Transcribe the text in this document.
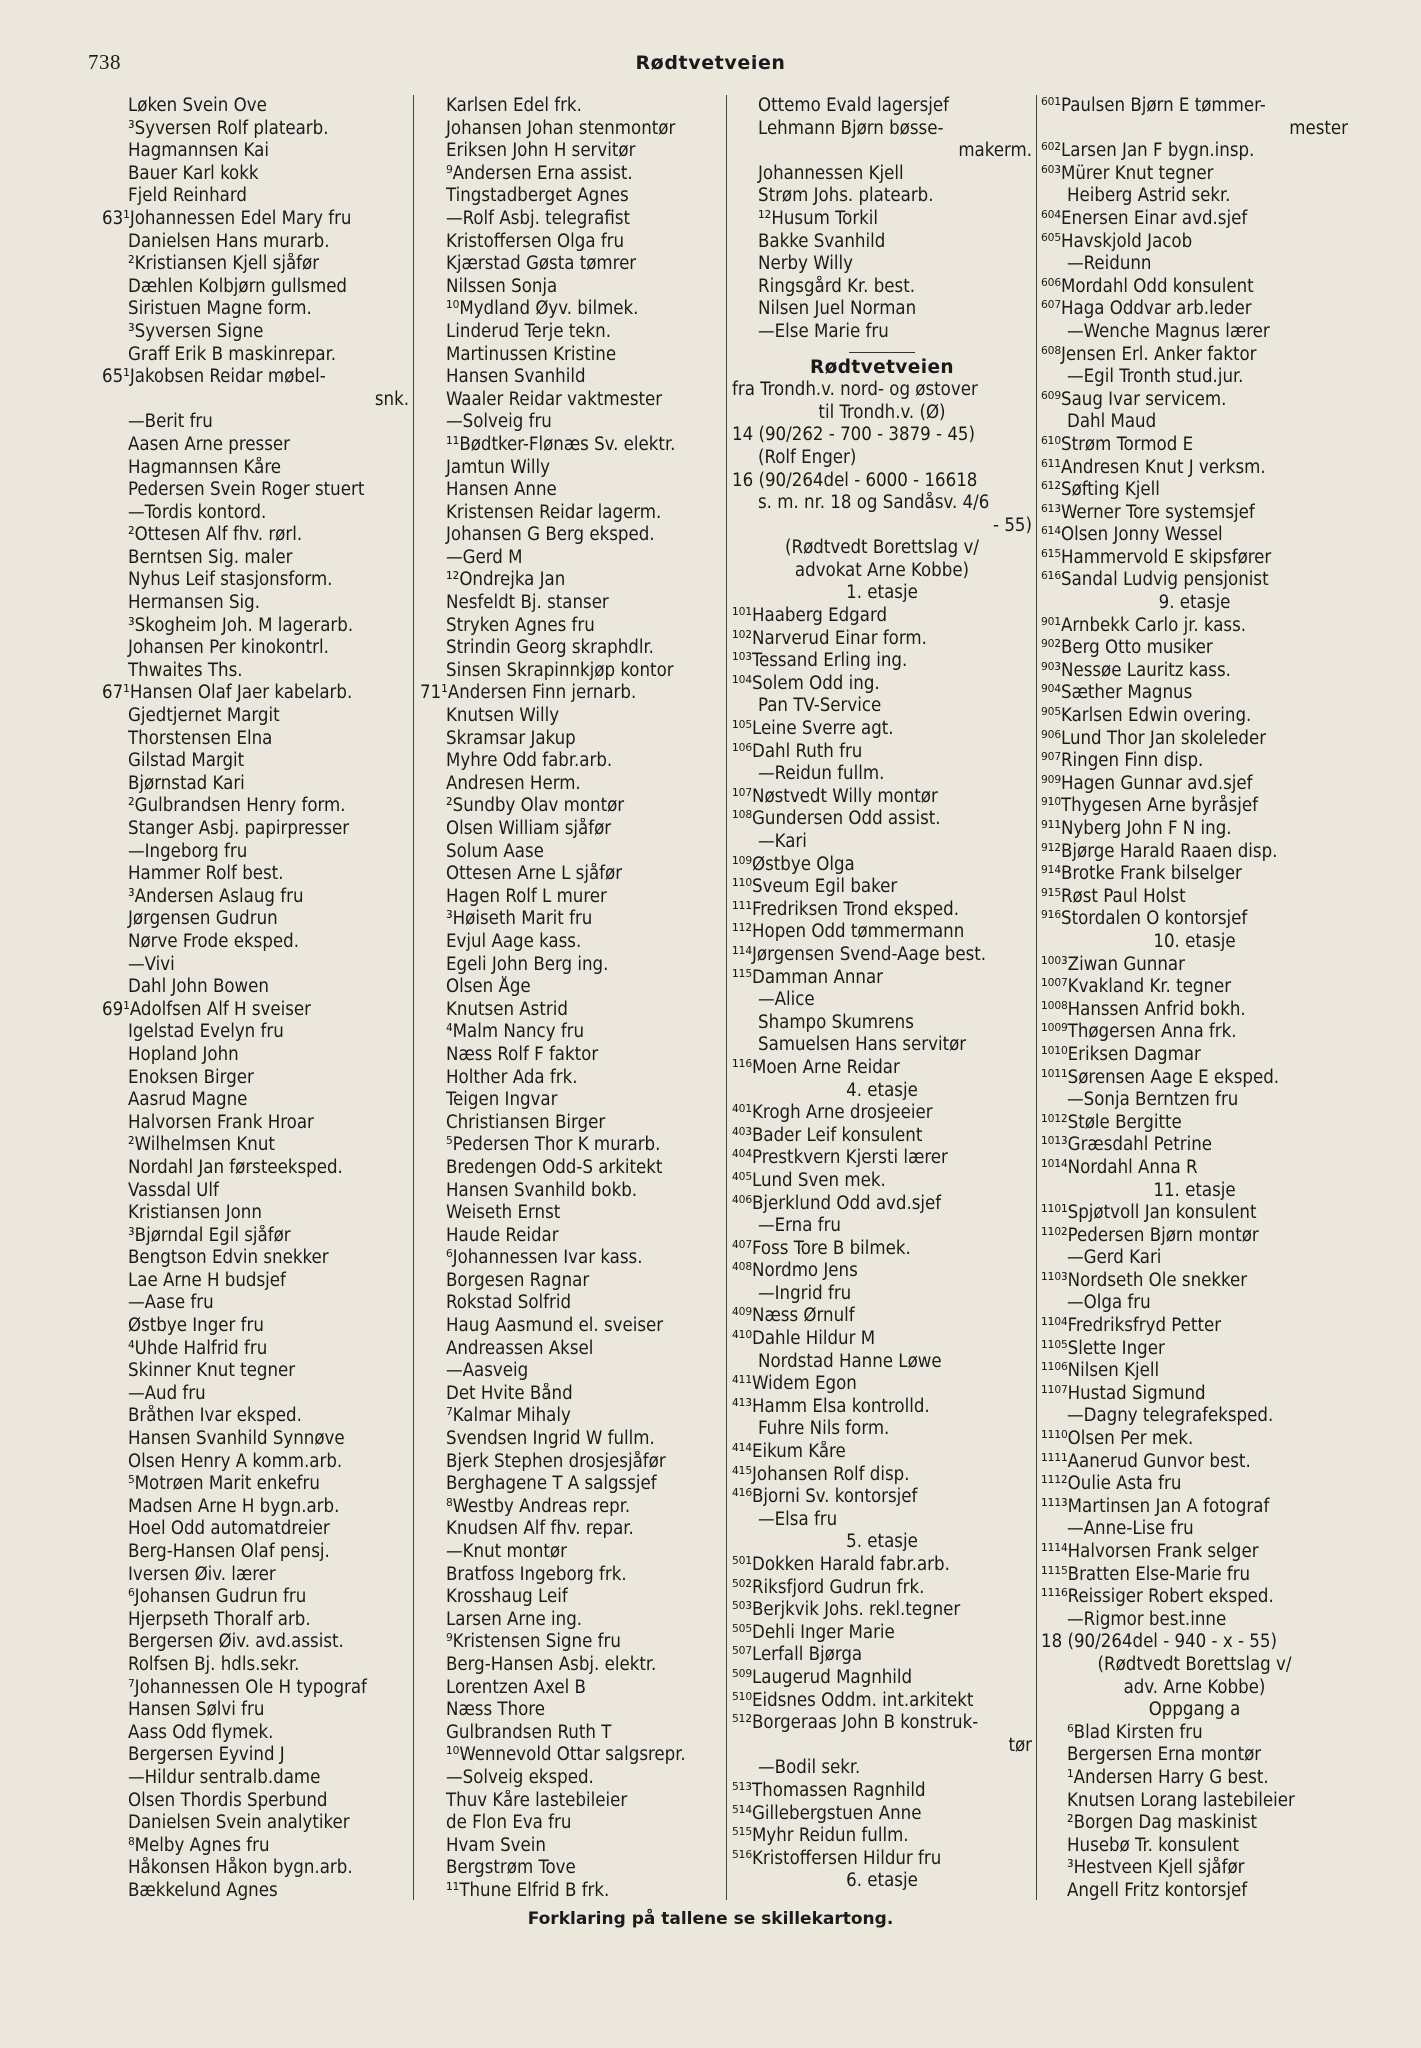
738	Rødtvetveien
Løken Svein Ove
³Syversen Rolf platearb.
Hagmannsen Kai
Bauer Karl kokk
Fjeld Reinhard
63¹Johannessen Edel Mary fru
Danielsen Hans murarb.
²Kristiansen Kjell sjåfør
Dæhlen Kolbjørn gullsmed
Siristuen Magne form.
³Syversen Signe
Graff Erik B maskinrepar.
65¹Jakobsen Reidar møbel-
snk.
—Berit fru
Aasen Arne presser
Hagmannsen Kåre
Pedersen Svein Roger stuert
—Tordis kontord.
²Ottesen Alf fhv. rørl.
Berntsen Sig. maler
Nyhus Leif stasjonsform.
Hermansen Sig.
³Skogheim Joh. M lagerarb.
Johansen Per kinokontrl.
Thwaites Ths.
67¹Hansen Olaf Jaer kabelarb.
Gjedtjernet Margit
Thorstensen Elna
Gilstad Margit
Bjørnstad Kari
²Gulbrandsen Henry form.
Stanger Asbj. papirpresser
—Ingeborg fru
Hammer Rolf best.
³Andersen Aslaug fru
Jørgensen Gudrun
Nørve Frode eksped.
—Vivi
Dahl John Bowen
69¹Adolfsen Alf H sveiser
Igelstad Evelyn fru
Hopland John
Enoksen Birger
Aasrud Magne
Halvorsen Frank Hroar
²Wilhelmsen Knut
Nordahl Jan førsteeksped.
Vassdal Ulf
Kristiansen Jonn
³Bjørndal Egil sjåfør
Bengtson Edvin snekker
Lae Arne H budsjef
—Aase fru
Østbye Inger fru
⁴Uhde Halfrid fru
Skinner Knut tegner
—Aud fru
Bråthen Ivar eksped.
Hansen Svanhild Synnøve
Olsen Henry A komm.arb.
⁵Motrøen Marit enkefru
Madsen Arne H bygn.arb.
Hoel Odd automatdreier
Berg-Hansen Olaf pensj.
Iversen Øiv. lærer
⁶Johansen Gudrun fru
Hjerpseth Thoralf arb.
Bergersen Øiv. avd.assist.
Rolfsen Bj. hdls.sekr.
⁷Johannessen Ole H typograf
Hansen Sølvi fru
Aass Odd flymek.
Bergersen Eyvind J
—Hildur sentralb.dame
Olsen Thordis Sperbund
Danielsen Svein analytiker
⁸Melby Agnes fru
Håkonsen Håkon bygn.arb.
Bækkelund Agnes
Karlsen Edel frk.
Johansen Johan stenmontør
Eriksen John H servitør
⁹Andersen Erna assist.
Tingstadberget Agnes
—Rolf Asbj. telegrafist
Kristoffersen Olga fru
Kjærstad Gøsta tømrer
Nilssen Sonja
¹⁰Mydland Øyv. bilmek.
Linderud Terje tekn.
Martinussen Kristine
Hansen Svanhild
Waaler Reidar vaktmester
—Solveig fru
¹¹Bødtker-Flønæs Sv. elektr.
Jamtun Willy
Hansen Anne
Kristensen Reidar lagerm.
Johansen G Berg eksped.
—Gerd M
¹²Ondrejka Jan
Nesfeldt Bj. stanser
Stryken Agnes fru
Strindin Georg skraphdlr.
Sinsen Skrapinnkjøp kontor
71¹Andersen Finn jernarb.
Knutsen Willy
Skramsar Jakup
Myhre Odd fabr.arb.
Andresen Herm.
²Sundby Olav montør
Olsen William sjåfør
Solum Aase
Ottesen Arne L sjåfør
Hagen Rolf L murer
³Høiseth Marit fru
Evjul Aage kass.
Egeli John Berg ing.
Olsen Åge
Knutsen Astrid
⁴Malm Nancy fru
Næss Rolf F faktor
Holther Ada frk.
Teigen Ingvar
Christiansen Birger
⁵Pedersen Thor K murarb.
Bredengen Odd-S arkitekt
Hansen Svanhild bokb.
Weiseth Ernst
Haude Reidar
⁶Johannessen Ivar kass.
Borgesen Ragnar
Rokstad Solfrid
Haug Aasmund el. sveiser
Andreassen Aksel
—Aasveig
Det Hvite Bånd
⁷Kalmar Mihaly
Svendsen Ingrid W fullm.
Bjerk Stephen drosjesjåfør
Berghagene T A salgssjef
⁸Westby Andreas repr.
Knudsen Alf fhv. repar.
—Knut montør
Bratfoss Ingeborg frk.
Krosshaug Leif
Larsen Arne ing.
⁹Kristensen Signe fru
Berg-Hansen Asbj. elektr.
Lorentzen Axel B
Næss Thore
Gulbrandsen Ruth T
¹⁰Wennevold Ottar salgsrepr.
—Solveig eksped.
Thuv Kåre lastebileier
de Flon Eva fru
Hvam Svein
Bergstrøm Tove
¹¹Thune Elfrid B frk.
Ottemo Evald lagersjef
Lehmann Bjørn bøsse-
makerm.
Johannessen Kjell
Strøm Johs. platearb.
¹²Husum Torkil
Bakke Svanhild
Nerby Willy
Ringsgård Kr. best.
Nilsen Juel Norman
—Else Marie fru
Rødtvetveien
fra Trondh.v. nord- og østover
til Trondh.v. (Ø)
14 (90/262 - 700 - 3879 - 45)
(Rolf Enger)
16 (90/264del - 6000 - 16618
s. m. nr. 18 og Sandåsv. 4/6
- 55)
(Rødtvedt Borettslag v/
advokat Arne Kobbe)
1. etasje
¹⁰¹Haaberg Edgard
¹⁰²Narverud Einar form.
¹⁰³Tessand Erling ing.
¹⁰⁴Solem Odd ing.
Pan TV-Service
¹⁰⁵Leine Sverre agt.
¹⁰⁶Dahl Ruth fru
—Reidun fullm.
¹⁰⁷Nøstvedt Willy montør
¹⁰⁸Gundersen Odd assist.
—Kari
¹⁰⁹Østbye Olga
¹¹⁰Sveum Egil baker
¹¹¹Fredriksen Trond eksped.
¹¹²Hopen Odd tømmermann
¹¹⁴Jørgensen Svend-Aage best.
¹¹⁵Damman Annar
—Alice
Shampo Skumrens
Samuelsen Hans servitør
¹¹⁶Moen Arne Reidar
4. etasje
⁴⁰¹Krogh Arne drosjeeier
⁴⁰³Bader Leif konsulent
⁴⁰⁴Prestkvern Kjersti lærer
⁴⁰⁵Lund Sven mek.
⁴⁰⁶Bjerklund Odd avd.sjef
—Erna fru
⁴⁰⁷Foss Tore B bilmek.
⁴⁰⁸Nordmo Jens
—Ingrid fru
⁴⁰⁹Næss Ørnulf
⁴¹⁰Dahle Hildur M
Nordstad Hanne Løwe
⁴¹¹Widem Egon
⁴¹³Hamm Elsa kontrolld.
Fuhre Nils form.
⁴¹⁴Eikum Kåre
⁴¹⁵Johansen Rolf disp.
⁴¹⁶Bjorni Sv. kontorsjef
—Elsa fru
5. etasje
⁵⁰¹Dokken Harald fabr.arb.
⁵⁰²Riksfjord Gudrun frk.
⁵⁰³Berjkvik Johs. rekl.tegner
⁵⁰⁵Dehli Inger Marie
⁵⁰⁷Lerfall Bjørga
⁵⁰⁹Laugerud Magnhild
⁵¹⁰Eidsnes Oddm. int.arkitekt
⁵¹²Borgeraas John B konstruk-
tør
—Bodil sekr.
⁵¹³Thomassen Ragnhild
⁵¹⁴Gillebergstuen Anne
⁵¹⁵Myhr Reidun fullm.
⁵¹⁶Kristoffersen Hildur fru
6. etasje
⁶⁰¹Paulsen Bjørn E tømmer-
mester
⁶⁰²Larsen Jan F bygn.insp.
⁶⁰³Mürer Knut tegner
Heiberg Astrid sekr.
⁶⁰⁴Enersen Einar avd.sjef
⁶⁰⁵Havskjold Jacob
—Reidunn
⁶⁰⁶Mordahl Odd konsulent
⁶⁰⁷Haga Oddvar arb.leder
—Wenche Magnus lærer
⁶⁰⁸Jensen Erl. Anker faktor
—Egil Tronth stud.jur.
⁶⁰⁹Saug Ivar servicem.
Dahl Maud
⁶¹⁰Strøm Tormod E
⁶¹¹Andresen Knut J verksm.
⁶¹²Søfting Kjell
⁶¹³Werner Tore systemsjef
⁶¹⁴Olsen Jonny Wessel
⁶¹⁵Hammervold E skipsfører
⁶¹⁶Sandal Ludvig pensjonist
9. etasje
⁹⁰¹Arnbekk Carlo jr. kass.
⁹⁰²Berg Otto musiker
⁹⁰³Nessøe Lauritz kass.
⁹⁰⁴Sæther Magnus
⁹⁰⁵Karlsen Edwin overing.
⁹⁰⁶Lund Thor Jan skoleleder
⁹⁰⁷Ringen Finn disp.
⁹⁰⁹Hagen Gunnar avd.sjef
⁹¹⁰Thygesen Arne byråsjef
⁹¹¹Nyberg John F N ing.
⁹¹²Bjørge Harald Raaen disp.
⁹¹⁴Brotke Frank bilselger
⁹¹⁵Røst Paul Holst
⁹¹⁶Stordalen O kontorsjef
10. etasje
¹⁰⁰³Ziwan Gunnar
¹⁰⁰⁷Kvakland Kr. tegner
¹⁰⁰⁸Hanssen Anfrid bokh.
¹⁰⁰⁹Thøgersen Anna frk.
¹⁰¹⁰Eriksen Dagmar
¹⁰¹¹Sørensen Aage E eksped.
—Sonja Berntzen fru
¹⁰¹²Støle Bergitte
¹⁰¹³Græsdahl Petrine
¹⁰¹⁴Nordahl Anna R
11. etasje
¹¹⁰¹Spjøtvoll Jan konsulent
¹¹⁰²Pedersen Bjørn montør
—Gerd Kari
¹¹⁰³Nordseth Ole snekker
—Olga fru
¹¹⁰⁴Fredriksfryd Petter
¹¹⁰⁵Slette Inger
¹¹⁰⁶Nilsen Kjell
¹¹⁰⁷Hustad Sigmund
—Dagny telegrafeksped.
¹¹¹⁰Olsen Per mek.
¹¹¹¹Aanerud Gunvor best.
¹¹¹²Oulie Asta fru
¹¹¹³Martinsen Jan A fotograf
—Anne-Lise fru
¹¹¹⁴Halvorsen Frank selger
¹¹¹⁵Bratten Else-Marie fru
¹¹¹⁶Reissiger Robert eksped.
—Rigmor best.inne
18 (90/264del - 940 - x - 55)
(Rødtvedt Borettslag v/
adv. Arne Kobbe)
Oppgang a
⁶Blad Kirsten fru
Bergersen Erna montør
¹Andersen Harry G best.
Knutsen Lorang lastebileier
²Borgen Dag maskinist
Husebø Tr. konsulent
³Hestveen Kjell sjåfør
Angell Fritz kontorsjef
Forklaring på tallene se skillekartong.
